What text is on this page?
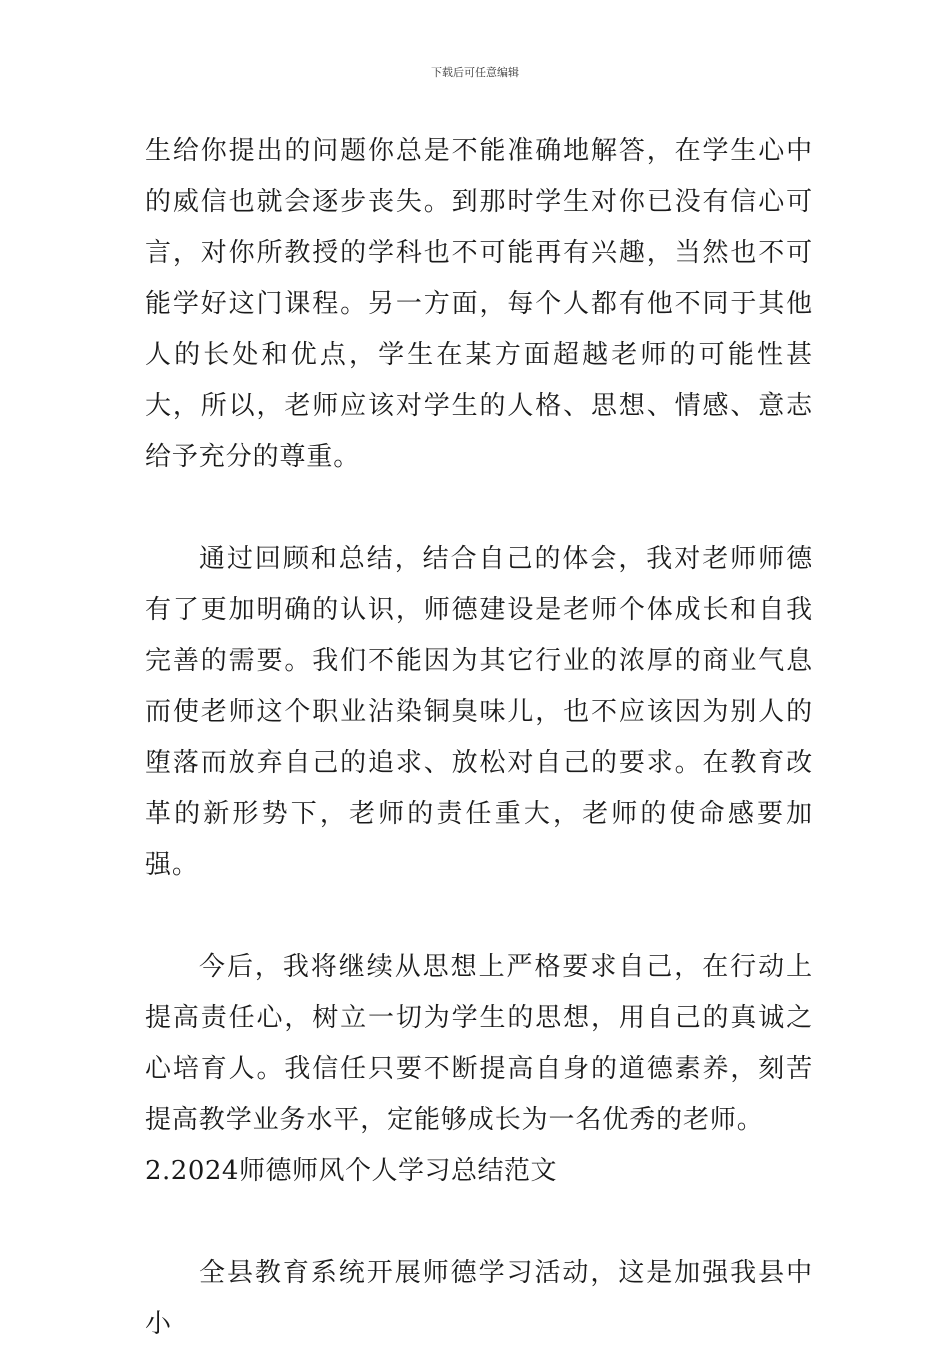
下载后可任意编辑

生给你提出的问题你总是不能准确地解答，在学生心中的威信也就会逐步丧失。到那时学生对你已没有信心可言，对你所教授的学科也不可能再有兴趣，当然也不可能学好这门课程。另一方面，每个人都有他不同于其他人的长处和优点，学生在某方面超越老师的可能性甚大，所以，老师应该对学生的人格、思想、情感、意志给予充分的尊重。

通过回顾和总结，结合自己的体会，我对老师师德有了更加明确的认识，师德建设是老师个体成长和自我完善的需要。我们不能因为其它行业的浓厚的商业气息而使老师这个职业沾染铜臭味儿，也不应该因为别人的堕落而放弃自己的追求、放松对自己的要求。在教育改革的新形势下，老师的责任重大，老师的使命感要加强。

今后，我将继续从思想上严格要求自己，在行动上提高责任心，树立一切为学生的思想，用自己的真诚之心培育人。我信任只要不断提高自身的道德素养，刻苦提高教学业务水平，定能够成长为一名优秀的老师。

2.2024师德师风个人学习总结范文

全县教育系统开展师德学习活动，这是加强我县中小
